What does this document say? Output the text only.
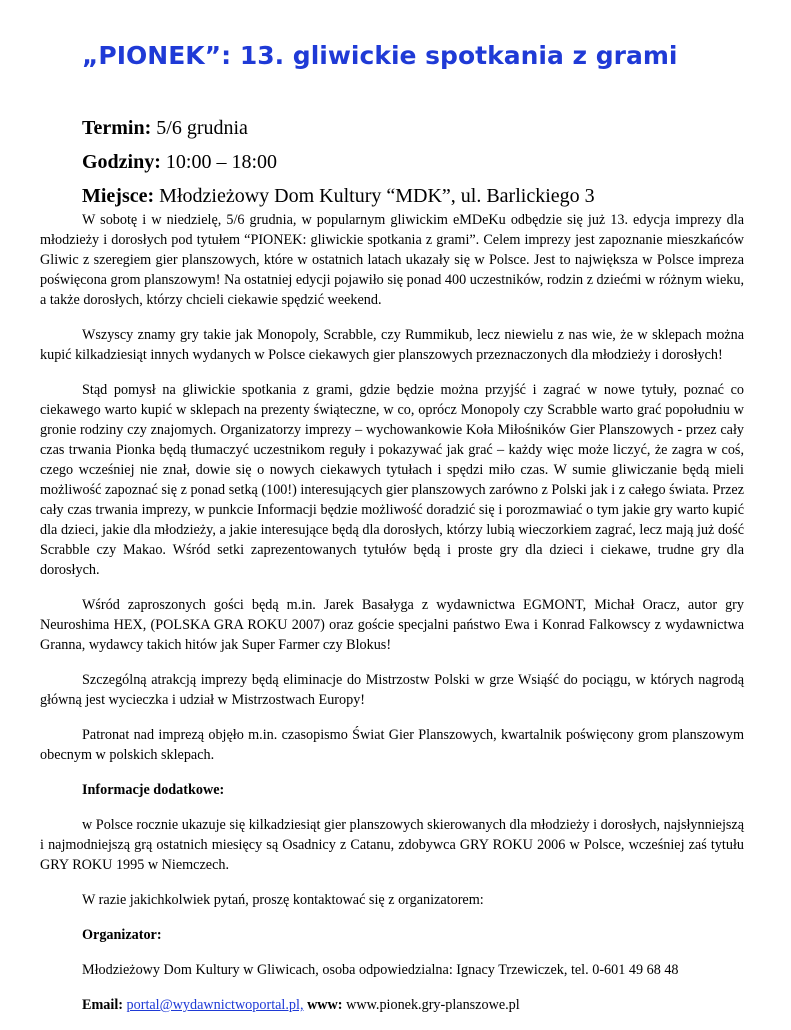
„PIONEK”: 13. gliwickie spotkania z grami

Termin: 5/6 grudnia

Godziny: 10:00 – 18:00

Miejsce: Młodzieżowy Dom Kultury “MDK”, ul. Barlickiego 3

W sobotę i w niedzielę, 5/6 grudnia, w popularnym gliwickim eMDeKu odbędzie się już 13. edycja imprezy dla młodzieży i dorosłych pod tytułem “PIONEK: gliwickie spotkania z grami”. Celem imprezy jest zapoznanie mieszkańców Gliwic z szeregiem gier planszowych, które w ostatnich latach ukazały się w Polsce. Jest to największa w Polsce impreza poświęcona grom planszowym! Na ostatniej edycji pojawiło się ponad 400 uczestników, rodzin z dziećmi w różnym wieku, a także dorosłych, którzy chcieli ciekawie spędzić weekend.

Wszyscy znamy gry takie jak Monopoly, Scrabble, czy Rummikub, lecz niewielu z nas wie, że w sklepach można kupić kilkadziesiąt innych wydanych w Polsce ciekawych gier planszowych przeznaczonych dla młodzieży i dorosłych!

Stąd pomysł na gliwickie spotkania z grami, gdzie będzie można przyjść i zagrać w nowe tytuły, poznać co ciekawego warto kupić w sklepach na prezenty świąteczne, w co, oprócz Monopoly czy Scrabble warto grać popołudniu w gronie rodziny czy znajomych. Organizatorzy imprezy – wychowankowie Koła Miłośników Gier Planszowych - przez cały czas trwania Pionka będą tłumaczyć uczestnikom reguły i pokazywać jak grać – każdy więc może liczyć, że zagra w coś, czego wcześniej nie znał, dowie się o nowych ciekawych tytułach i spędzi miło czas. W sumie gliwiczanie będą mieli możliwość zapoznać się z ponad setką (100!) interesujących gier planszowych zarówno z Polski jak i z całego świata. Przez cały czas trwania imprezy, w punkcie Informacji będzie możliwość doradzić się i porozmawiać o tym jakie gry warto kupić dla dzieci, jakie dla młodzieży, a jakie interesujące będą dla dorosłych, którzy lubią wieczorkiem zagrać, lecz mają już dość Scrabble czy Makao. Wśród setki zaprezentowanych tytułów będą i proste gry dla dzieci i ciekawe, trudne gry dla dorosłych.

Wśród zaproszonych gości będą m.in. Jarek Basałyga z wydawnictwa EGMONT, Michał Oracz, autor gry Neuroshima HEX, (POLSKA GRA ROKU 2007) oraz goście specjalni państwo Ewa i Konrad Falkowscy z wydawnictwa Granna, wydawcy takich hitów jak Super Farmer czy Blokus!

Szczególną atrakcją imprezy będą eliminacje do Mistrzostw Polski w grze Wsiąść do pociągu, w których nagrodą główną jest wycieczka i udział w Mistrzostwach Europy!

Patronat nad imprezą objęło m.in. czasopismo Świat Gier Planszowych, kwartalnik poświęcony grom planszowym obecnym w polskich sklepach.

Informacje dodatkowe:

w Polsce rocznie ukazuje się kilkadziesiąt gier planszowych skierowanych dla młodzieży i dorosłych, najsłynniejszą i najmodniejszą grą ostatnich miesięcy są Osadnicy z Catanu, zdobywca GRY ROKU 2006 w Polsce, wcześniej zaś tytułu GRY ROKU 1995 w Niemczech.

W razie jakichkolwiek pytań, proszę kontaktować się z organizatorem:

Organizator:

Młodzieżowy Dom Kultury w Gliwicach, osoba odpowiedzialna: Ignacy Trzewiczek, tel. 0-601 49 68 48

Email: portal@wydawnictwoportal.pl, www: www.pionek.gry-planszowe.pl
